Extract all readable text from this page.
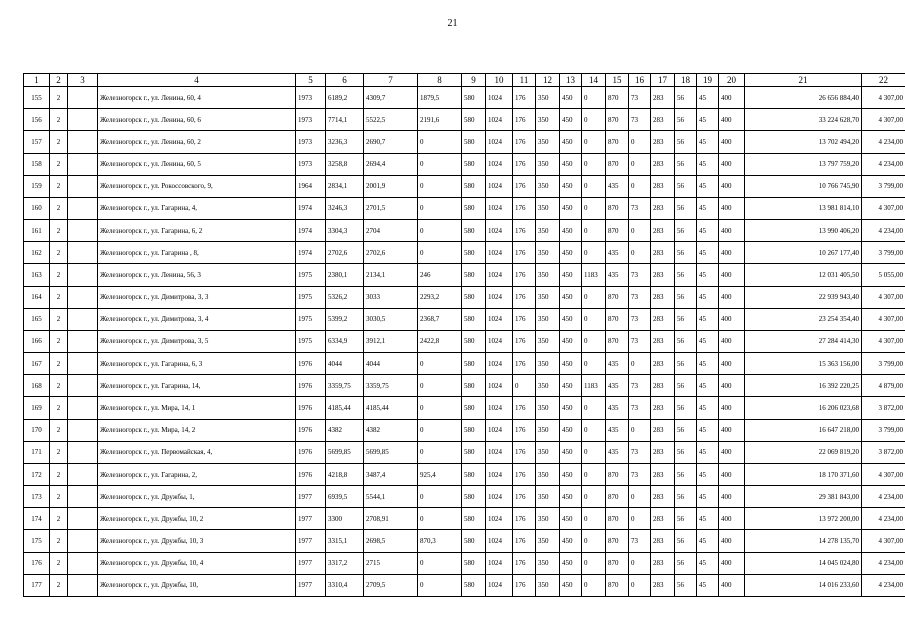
21
1	2	3	4	5	6	7	8	9	10	11	12	13	14	15	16	17	18	19	20	21	22
155	2		Железногорск г., ул. Ленина, 60, 4	1973	6189,2	4309,7	1879,5	580	1024	176	350	450	0	870	73	283	56	45	400	26 656 884,40	4 307,00
156	2		Железногорск г., ул. Ленина, 60, 6	1973	7714,1	5522,5	2191,6	580	1024	176	350	450	0	870	73	283	56	45	400	33 224 628,70	4 307,00
157	2		Железногорск г., ул. Ленина, 60, 2	1973	3236,3	2690,7	0	580	1024	176	350	450	0	870	0	283	56	45	400	13 702 494,20	4 234,00
158	2		Железногорск г., ул. Ленина, 60, 5	1973	3258,8	2694,4	0	580	1024	176	350	450	0	870	0	283	56	45	400	13 797 759,20	4 234,00
159	2		Железногорск г., ул. Рокоссовского, 9,	1964	2834,1	2001,9	0	580	1024	176	350	450	0	435	0	283	56	45	400	10 766 745,90	3 799,00
160	2		Железногорск г., ул. Гагарина, 4,	1974	3246,3	2701,5	0	580	1024	176	350	450	0	870	73	283	56	45	400	13 981 814,10	4 307,00
161	2		Железногорск г., ул. Гагарина, 6, 2	1974	3304,3	2704	0	580	1024	176	350	450	0	870	0	283	56	45	400	13 990 406,20	4 234,00
162	2		Железногорск г., ул. Гагарина , 8,	1974	2702,6	2702,6	0	580	1024	176	350	450	0	435	0	283	56	45	400	10 267 177,40	3 799,00
163	2		Железногорск г., ул. Ленина, 56, 3	1975	2380,1	2134,1	246	580	1024	176	350	450	1183	435	73	283	56	45	400	12 031 405,50	5 055,00
164	2		Железногорск г., ул. Димитрова, 3, 3	1975	5326,2	3033	2293,2	580	1024	176	350	450	0	870	73	283	56	45	400	22 939 943,40	4 307,00
165	2		Железногорск г., ул. Димитрова, 3, 4	1975	5399,2	3030,5	2368,7	580	1024	176	350	450	0	870	73	283	56	45	400	23 254 354,40	4 307,00
166	2		Железногорск г., ул. Димитрова, 3, 5	1975	6334,9	3912,1	2422,8	580	1024	176	350	450	0	870	73	283	56	45	400	27 284 414,30	4 307,00
167	2		Железногорск г., ул. Гагарина, 6, 3	1976	4044	4044	0	580	1024	176	350	450	0	435	0	283	56	45	400	15 363 156,00	3 799,00
168	2		Железногорск г., ул. Гагарина, 14,	1976	3359,75	3359,75	0	580	1024	0	350	450	1183	435	73	283	56	45	400	16 392 220,25	4 879,00
169	2		Железногорск г., ул. Мира, 14, 1	1976	4185,44	4185,44	0	580	1024	176	350	450	0	435	73	283	56	45	400	16 206 023,68	3 872,00
170	2		Железногорск г., ул. Мира, 14, 2	1976	4382	4382	0	580	1024	176	350	450	0	435	0	283	56	45	400	16 647 218,00	3 799,00
171	2		Железногорск г., ул. Первомайская, 4,	1976	5699,85	5699,85	0	580	1024	176	350	450	0	435	73	283	56	45	400	22 069 819,20	3 872,00
172	2		Железногорск г., ул. Гагарина, 2,	1976	4218,8	3487,4	925,4	580	1024	176	350	450	0	870	73	283	56	45	400	18 170 371,60	4 307,00
173	2		Железногорск г., ул. Дружбы, 1,	1977	6939,5	5544,1	0	580	1024	176	350	450	0	870	0	283	56	45	400	29 381 843,00	4 234,00
174	2		Железногорск г., ул. Дружбы, 10, 2	1977	3300	2708,91	0	580	1024	176	350	450	0	870	0	283	56	45	400	13 972 200,00	4 234,00
175	2		Железногорск г., ул. Дружбы, 10, 3	1977	3315,1	2698,5	870,3	580	1024	176	350	450	0	870	73	283	56	45	400	14 278 135,70	4 307,00
176	2		Железногорск г., ул. Дружбы, 10, 4	1977	3317,2	2715	0	580	1024	176	350	450	0	870	0	283	56	45	400	14 045 024,80	4 234,00
177	2		Железногорск г., ул. Дружбы, 10,	1977	3310,4	2709,5	0	580	1024	176	350	450	0	870	0	283	56	45	400	14 016 233,60	4 234,00
